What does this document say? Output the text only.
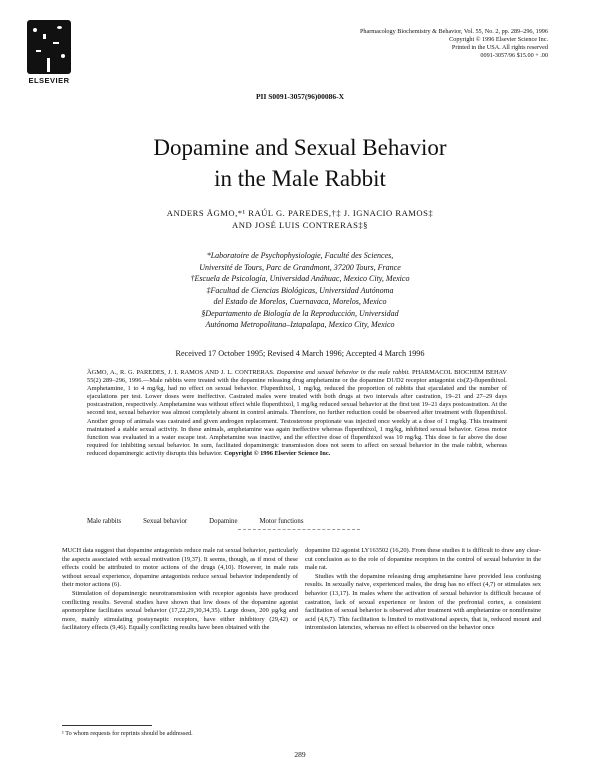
ELSEVIER
Pharmacology Biochemistry & Behavior, Vol. 55, No. 2, pp. 289–296, 1996
Copyright © 1996 Elsevier Science Inc.
Printed in the USA. All rights reserved
0091-3057/96 $15.00 + .00
PII S0091-3057(96)00086-X
Dopamine and Sexual Behavior
in the Male Rabbit
ANDERS ÅGMO,*¹ RAÚL G. PAREDES,†‡ J. IGNACIO RAMOS‡
AND JOSÉ LUIS CONTRERAS‡§
*Laboratoire de Psychophysiologie, Faculté des Sciences,
Université de Tours, Parc de Grandmont, 37200 Tours, France
†Escuela de Psicología, Universidad Anáhuac, Mexico City, Mexico
‡Facultad de Ciencias Biológicas, Universidad Autónoma
del Estado de Morelos, Cuernavaca, Morelos, Mexico
§Departamento de Biología de la Reproducción, Universidad
Autónoma Metropolitana–Iztapalapa, Mexico City, Mexico
Received 17 October 1995; Revised 4 March 1996; Accepted 4 March 1996
ÅGMO, A., R. G. PAREDES, J. I. RAMOS AND J. L. CONTRERAS. Dopamine and sexual behavior in the male rabbit. PHARMACOL BIOCHEM BEHAV 55(2) 289–296, 1996.—Male rabbits were treated with the dopamine releasing drug amphetamine or the dopamine D1/D2 receptor antagonist cis(Z)-flupenthixol. Amphetamine, 1 to 4 mg/kg, had no effect on sexual behavior. Flupenthixol, 1 mg/kg, reduced the proportion of rabbits that ejaculated and the number of ejaculations per test. Lower doses were ineffective. Castrated males were treated with both drugs at two intervals after castration, 19–21 and 27–29 days postcastration, respectively. Amphetamine was without effect while flupenthixol, 1 mg/kg reduced sexual behavior at the first test 19–21 days postcastration. At the second test, sexual behavior was almost completely absent in control animals. Therefore, no further reduction could be observed after treatment with flupenthixol. Another group of animals was castrated and given androgen replacement. Testosterone propionate was injected once weekly at a dose of 1 mg/kg. This treatment maintained a stable sexual activity. In these animals, amphetamine was again ineffective whereas flupenthixol, 1 mg/kg, inhibited sexual behavior. Gross motor function was evaluated in a water escape test. Amphetamine was inactive, and the effective dose of flupenthixol was 10 mg/kg. This dose is far above the dose required for inhibiting sexual behavior. In sum, facilitated dopaminergic transmission does not seem to affect on sexual behavior in the male rabbit, whereas reduced dopaminergic activity disrupts this behavior. Copyright © 1996 Elsevier Science Inc.
Male rabbits	Sexual behavior	Dopamine	Motor functions

MUCH data suggest that dopamine antagonists reduce male rat sexual behavior, particularly the aspects associated with sexual motivation (19,37). It seems, though, as if most of these effects could be attributed to motor actions of the drugs (4,10). However, in male rats without sexual experience, dopamine antagonists reduce sexual behavior independently of their motor actions (6).

Stimulation of dopaminergic neurotransmission with receptor agonists have produced conflicting results. Several studies have shown that low doses of the dopamine agonist apomorphine facilitates sexual behavior (17,22,29,30,34,35). Large doses, 200 µg/kg and more, mainly stimulating postsynaptic receptors, have either inhibitory (29,42) or facilitatory effects (9,46). Equally conflicting results have been obtained with the

dopamine D2 agonist LY163502 (16,20). From these studies it is difficult to draw any clear-cut conclusion as to the role of dopamine receptors in the control of sexual behavior in the male rat.

Studies with the dopamine releasing drug amphetamine have provided less confusing results. In sexually naive, experienced males, the drug has no effect (4,7) or stimulates sex behavior (13,17). In males where the activation of sexual behavior is difficult because of castration, lack of sexual experience or lesion of the prefrontal cortex, a consistent facilitation of sexual behavior is observed after treatment with amphetamine or nomifensine acid (4,6,7). This facilitation is limited to motivational aspects, that is, reduced mount and intromission latencies, whereas no effect is observed on the behavior once

¹ To whom requests for reprints should be addressed.
289
